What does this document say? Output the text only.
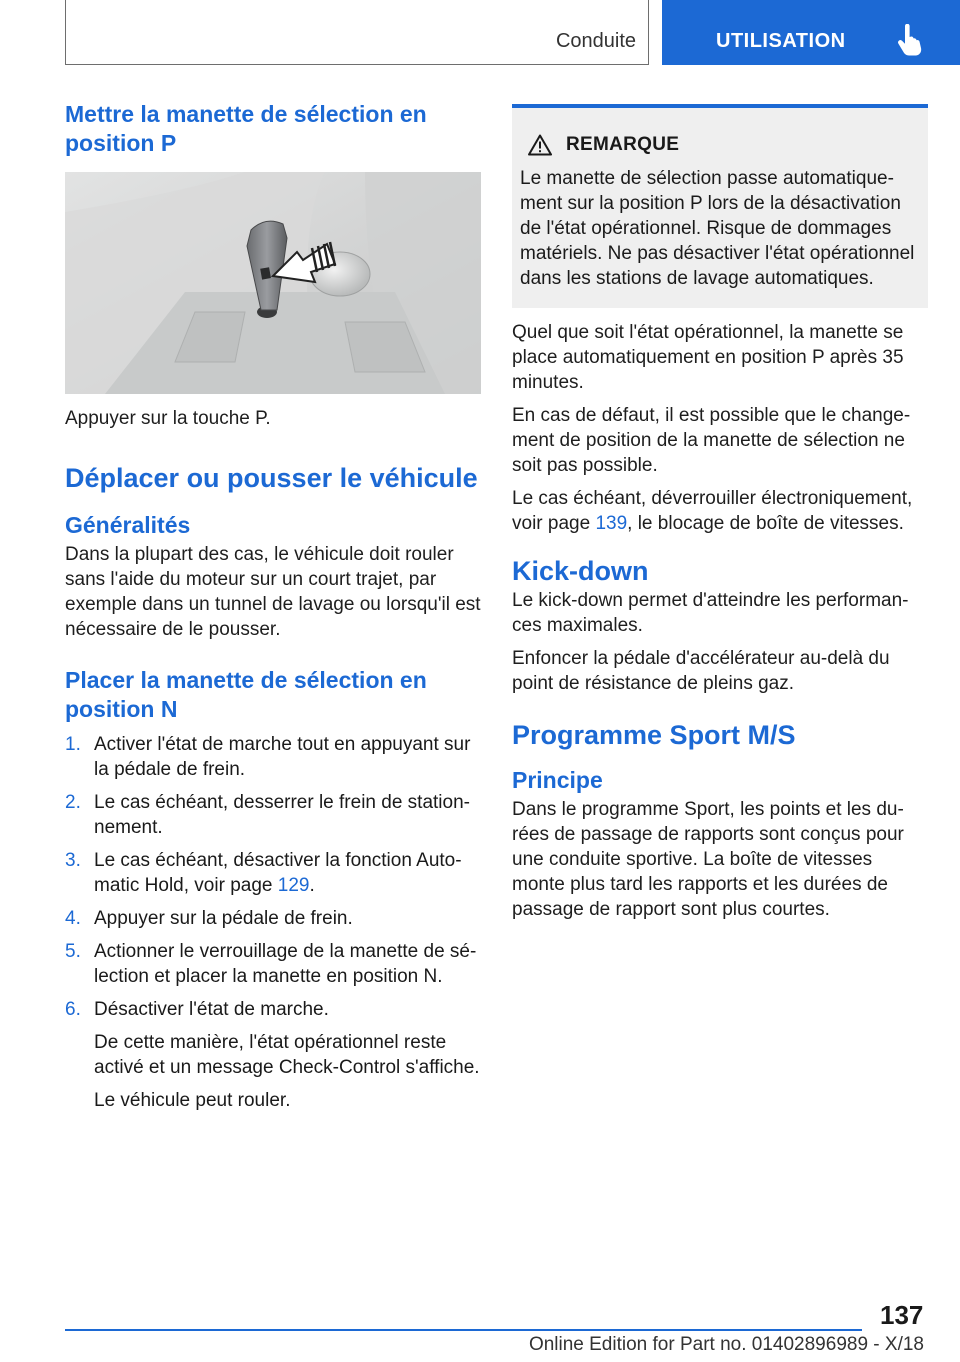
Conduite	UTILISATION
Mettre la manette de sélection en position P

Appuyer sur la touche P.

Déplacer ou pousser le véhicule
Généralités

Dans la plupart des cas, le véhicule doit rouler sans l'aide du moteur sur un court trajet, par exemple dans un tunnel de lavage ou lorsqu'il est nécessaire de le pousser.

Placer la manette de sélection en position N
1. Activer l'état de marche tout en appuyant sur la pédale de frein.
2. Le cas échéant, desserrer le frein de stationnement.
3. Le cas échéant, désactiver la fonction Automatic Hold, voir page 129.
4. Appuyer sur la pédale de frein.
5. Actionner le verrouillage de la manette de sélection et placer la manette en position N.
6. Désactiver l'état de marche.

De cette manière, l'état opérationnel reste activé et un message Check-Control s'affiche.

Le véhicule peut rouler.

REMARQUE

Le manette de sélection passe automatiquement sur la position P lors de la désactivation de l'état opérationnel. Risque de dommages matériels. Ne pas désactiver l'état opérationnel dans les stations de lavage automatiques.

Quel que soit l'état opérationnel, la manette se place automatiquement en position P après 35 minutes.

En cas de défaut, il est possible que le changement de position de la manette de sélection ne soit pas possible.

Le cas échéant, déverrouiller électroniquement, voir page 139, le blocage de boîte de vitesses.

Kick-down

Le kick-down permet d'atteindre les performances maximales.

Enfoncer la pédale d'accélérateur au-delà du point de résistance de pleins gaz.

Programme Sport M/S
Principe

Dans le programme Sport, les points et les durées de passage de rapports sont conçus pour une conduite sportive. La boîte de vitesses monte plus tard les rapports et les durées de passage de rapport sont plus courtes.

137
Online Edition for Part no. 01402896989 - X/18
